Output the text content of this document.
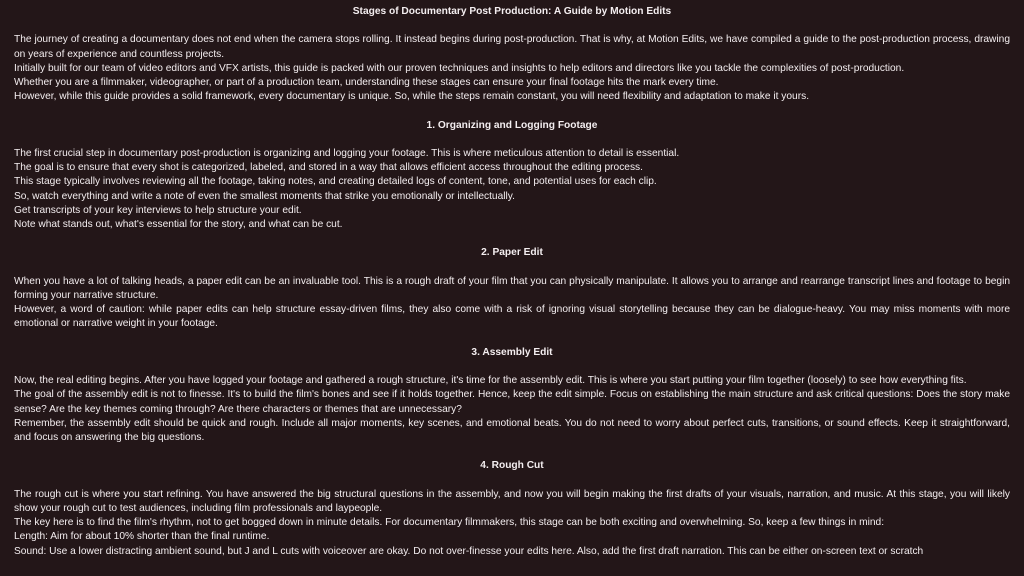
Stages of Documentary Post Production: A Guide by Motion Edits

The journey of creating a documentary does not end when the camera stops rolling. It instead begins during post-production. That is why, at Motion Edits, we have compiled a guide to the post-production process, drawing on years of experience and countless projects.

Initially built for our team of video editors and VFX artists, this guide is packed with our proven techniques and insights to help editors and directors like you tackle the complexities of post-production.

Whether you are a filmmaker, videographer, or part of a production team, understanding these stages can ensure your final footage hits the mark every time.

However, while this guide provides a solid framework, every documentary is unique. So, while the steps remain constant, you will need flexibility and adaptation to make it yours.

1. Organizing and Logging Footage

The first crucial step in documentary post-production is organizing and logging your footage. This is where meticulous attention to detail is essential.

The goal is to ensure that every shot is categorized, labeled, and stored in a way that allows efficient access throughout the editing process.

This stage typically involves reviewing all the footage, taking notes, and creating detailed logs of content, tone, and potential uses for each clip.

So, watch everything and write a note of even the smallest moments that strike you emotionally or intellectually.

Get transcripts of your key interviews to help structure your edit.

Note what stands out, what's essential for the story, and what can be cut.

2. Paper Edit

When you have a lot of talking heads, a paper edit can be an invaluable tool. This is a rough draft of your film that you can physically manipulate. It allows you to arrange and rearrange transcript lines and footage to begin forming your narrative structure.

However, a word of caution: while paper edits can help structure essay-driven films, they also come with a risk of ignoring visual storytelling because they can be dialogue-heavy. You may miss moments with more emotional or narrative weight in your footage.

3. Assembly Edit

Now, the real editing begins. After you have logged your footage and gathered a rough structure, it's time for the assembly edit. This is where you start putting your film together (loosely) to see how everything fits.

The goal of the assembly edit is not to finesse. It's to build the film's bones and see if it holds together. Hence, keep the edit simple. Focus on establishing the main structure and ask critical questions: Does the story make sense? Are the key themes coming through? Are there characters or themes that are unnecessary?

Remember, the assembly edit should be quick and rough. Include all major moments, key scenes, and emotional beats. You do not need to worry about perfect cuts, transitions, or sound effects. Keep it straightforward, and focus on answering the big questions.

4. Rough Cut

The rough cut is where you start refining. You have answered the big structural questions in the assembly, and now you will begin making the first drafts of your visuals, narration, and music. At this stage, you will likely show your rough cut to test audiences, including film professionals and laypeople.

The key here is to find the film's rhythm, not to get bogged down in minute details. For documentary filmmakers, this stage can be both exciting and overwhelming. So, keep a few things in mind:

Length: Aim for about 10% shorter than the final runtime.

Sound: Use a lower distracting ambient sound, but J and L cuts with voiceover are okay. Do not over-finesse your edits here. Also, add the first draft narration. This can be either on-screen text or scratch
